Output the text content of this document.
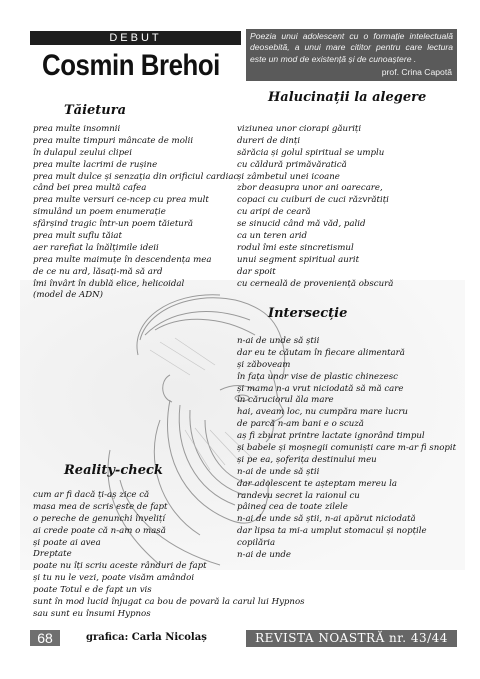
DEBUT
Cosmin Brehoi
Poezia unui adolescent cu o formație intelectuală deosebită, a unui mare cititor pentru care lectura este un mod de existență și de cunoaștere .
prof. Crina Capotă
Tăietura
prea multe insomnii
prea multe timpuri mâncate de molii
în dulapul zeului clipei
prea multe lacrimi de rușine
prea mult dulce și senzația din orificiul cardiac
când bei prea multă cafea
prea multe versuri ce-ncep cu prea mult
simulând un poem enumerație
sfârșind tragic într-un poem tăietură
prea mult suflu tăiat
aer rarefiat la înălțimile ideii
prea multe maimuțe în descendența mea
de ce nu ard, lăsați-mă să ard
îmi învârt în dublă elice, helicoidal
(model de ADN)
Halucinații la alegere
viziunea unor ciorapi găuriți
dureri de dinți
sărăcia și golul spiritual se umplu
cu căldură primăvăratică
și zâmbetul unei icoane
zbor deasupra unor ani oarecare,
copaci cu cuiburi de cuci răzvrătiți
cu aripi de ceară
se sinucid când mă văd, palid
ca un teren arid
rodul îmi este sincretismul
unui segment spiritual aurit
dar spoit
cu cerneală de proveniență obscură
Intersecție
n-ai de unde să știi
dar eu te căutam în fiecare alimentară
și zăboveam
în fața unor vise de plastic chinezesc
și mama n-a vrut niciodată să mă care
în căruciorul ăla mare
hai, aveam loc, nu cumpăra mare lucru
de parcă n-am bani e o scuză
aș fi zburat printre lactate ignorând timpul
și babele și moșnegii comuniști care m-ar fi snopit
și pe ea, șoferița destinului meu
n-ai de unde să știi
dar adolescent te așteptam mereu la
randevu secret la raionul cu
pâinea cea de toate zilele
n-ai de unde să știi, n-ai apărut niciodată
dar lipsa ta mi-a umplut stomacul și nopțile
copilăria
n-ai de unde
Reality-check
cum ar fi dacă ți-aș zice că
masa mea de scris este de fapt
o pereche de genunchi învelițí
ai crede poate că n-am o masă
și poate ai avea
Dreptate
poate nu îți scriu aceste rânduri de fapt
și tu nu le vezi, poate visăm amândoi
poate Totul e de fapt un vis
sunt în mod lucid înjugat ca bou de povară la carul lui Hypnos
sau sunt eu însumi Hypnos
68	grafica: Carla Nicolaș	REVISTA NOASTRĂ nr. 43/44
